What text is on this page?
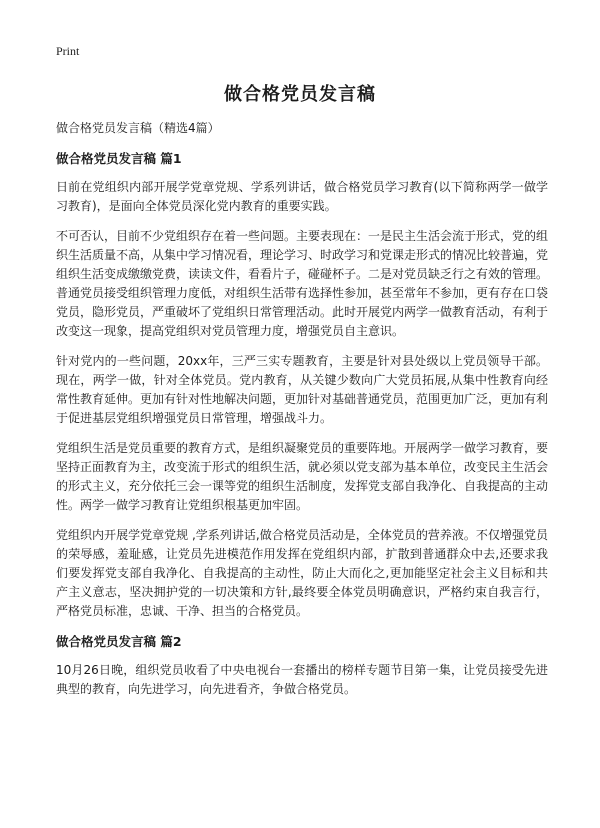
Print
做合格党员发言稿

做合格党员发言稿（精选4篇）

做合格党员发言稿 篇1

日前在党组织内部开展学党章党规、学系列讲话，做合格党员学习教育(以下简称两学一做学习教育)，是面向全体党员深化党内教育的重要实践。

不可否认，目前不少党组织存在着一些问题。主要表现在：一是民主生活会流于形式，党的组织生活质量不高，从集中学习情况看，理论学习、时政学习和党课走形式的情况比较普遍，党组织生活变成缴缴党费，读读文件，看看片子，碰碰杯子。二是对党员缺乏行之有效的管理。普通党员接受组织管理力度低，对组织生活带有选择性参加，甚至常年不参加，更有存在口袋党员，隐形党员，严重破坏了党组织日常管理活动。此时开展党内两学一做教育活动，有利于改变这一现象，提高党组织对党员管理力度，增强党员自主意识。

针对党内的一些问题，20xx年，三严三实专题教育，主要是针对县处级以上党员领导干部。现在，两学一做，针对全体党员。党内教育，从关键少数向广大党员拓展,从集中性教育向经常性教育延伸。更加有针对性地解决问题，更加针对基础普通党员，范围更加广泛，更加有利于促进基层党组织增强党员日常管理，增强战斗力。

党组织生活是党员重要的教育方式，是组织凝聚党员的重要阵地。开展两学一做学习教育，要坚持正面教育为主，改变流于形式的组织生活，就必须以党支部为基本单位，改变民主生活会的形式主义，充分依托三会一课等党的组织生活制度，发挥党支部自我净化、自我提高的主动性。两学一做学习教育让党组织根基更加牢固。

党组织内开展学党章党规 ,学系列讲话,做合格党员活动是，全体党员的营养液。不仅增强党员的荣辱感，羞耻感，让党员先进模范作用发挥在党组织内部，扩散到普通群众中去,还要求我们要发挥党支部自我净化、自我提高的主动性，防止大而化之,更加能坚定社会主义目标和共产主义意志，坚决拥护党的一切决策和方针,最终要全体党员明确意识，严格约束自我言行，严格党员标准，忠诚、干净、担当的合格党员。

做合格党员发言稿 篇2

10月26日晚，组织党员收看了中央电视台一套播出的榜样专题节目第一集，让党员接受先进典型的教育，向先进学习，向先进看齐，争做合格党员。
